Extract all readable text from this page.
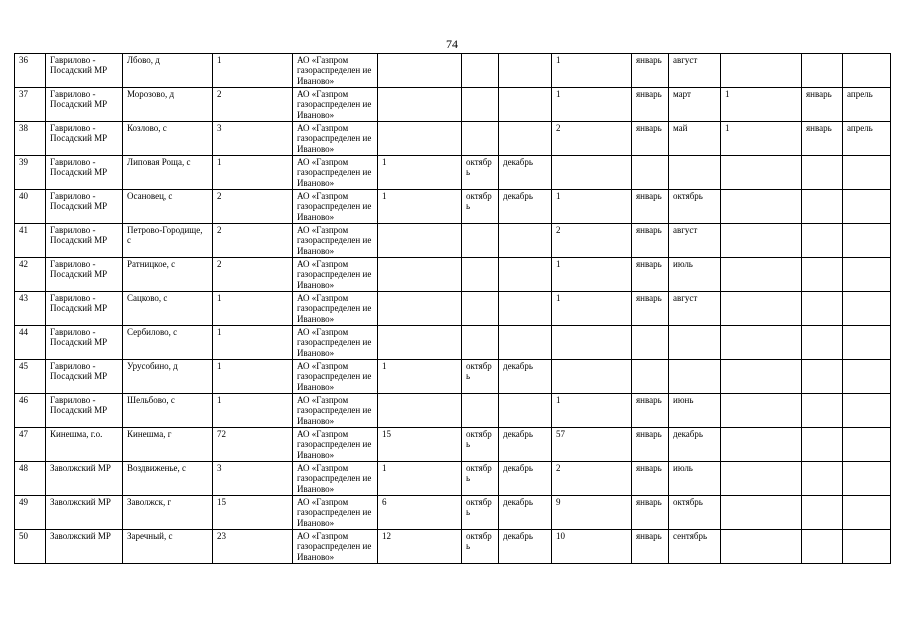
74
36	Гаврилово - Посадский МР	Лбово, д	1	АО «Газпром газораспределен ие Иваново»				1	январь	август			
37	Гаврилово - Посадский МР	Морозово, д	2	АО «Газпром газораспределен ие Иваново»				1	январь	март	1	январь	апрель
38	Гаврилово - Посадский МР	Козлово, с	3	АО «Газпром газораспределен ие Иваново»				2	январь	май	1	январь	апрель
39	Гаврилово - Посадский МР	Липовая Роща, с	1	АО «Газпром газораспределен ие Иваново»	1	октябрь	декабрь						
40	Гаврилово - Посадский МР	Осановец, с	2	АО «Газпром газораспределен ие Иваново»	1	октябрь	декабрь	1	январь	октябрь			
41	Гаврилово - Посадский МР	Петрово-Городище, с	2	АО «Газпром газораспределен ие Иваново»				2	январь	август			
42	Гаврилово - Посадский МР	Ратницкое, с	2	АО «Газпром газораспределен ие Иваново»				1	январь	июль			
43	Гаврилово - Посадский МР	Сацково, с	1	АО «Газпром газораспределен ие Иваново»				1	январь	август			
44	Гаврилово - Посадский МР	Сербилово, с	1	АО «Газпром газораспределен ие Иваново»									
45	Гаврилово - Посадский МР	Урусобино, д	1	АО «Газпром газораспределен ие Иваново»	1	октябрь	декабрь						
46	Гаврилово - Посадский МР	Шельбово, с	1	АО «Газпром газораспределен ие Иваново»				1	январь	июнь			
47	Кинешма, г.о.	Кинешма, г	72	АО «Газпром газораспределен ие Иваново»	15	октябрь	декабрь	57	январь	декабрь			
48	Заволжский МР	Воздвиженье, с	3	АО «Газпром газораспределен ие Иваново»	1	октябрь	декабрь	2	январь	июль			
49	Заволжский МР	Заволжск, г	15	АО «Газпром газораспределен ие Иваново»	6	октябрь	декабрь	9	январь	октябрь			
50	Заволжский МР	Заречный, с	23	АО «Газпром газораспределен ие Иваново»	12	октябрь	декабрь	10	январь	сентябрь			
